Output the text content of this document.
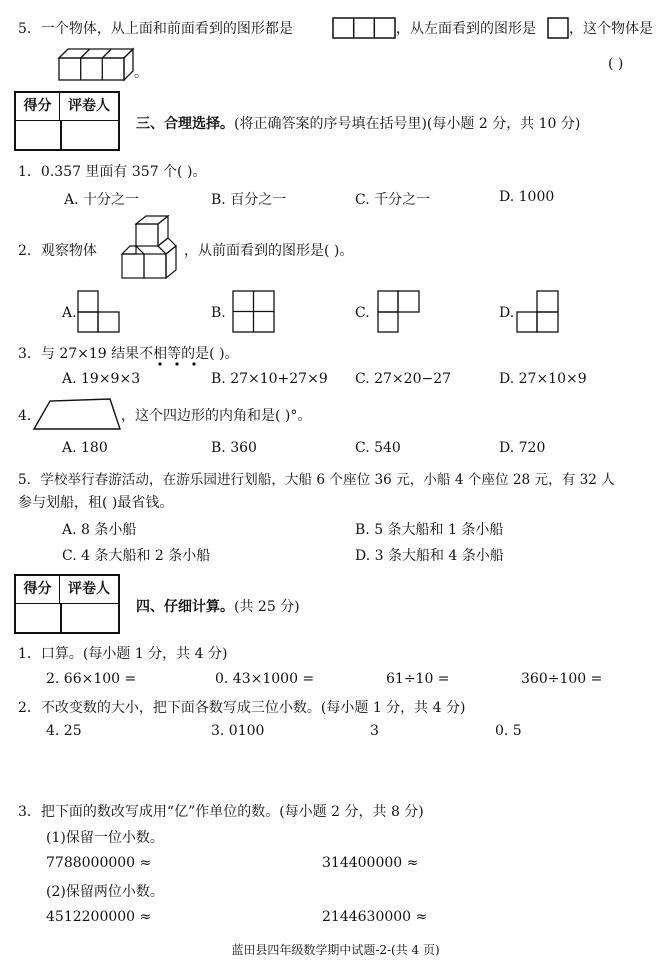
5．一个物体，从上面和前面看到的图形都是	，从左面看到的图形是 ，这个物体是
。
( )
得分	评卷人
三、合理选择。(将正确答案的序号填在括号里)(每小题 2 分，共 10 分)
1．0.357 里面有 357 个( )。
A. 十分之一	B. 百分之一	C. 千分之一	D. 1000
2．观察物体	，从前面看到的图形是( )。
A.	B.	C.	D.
3．与 27×19 结果不相等的是( )。
A. 19×9×3	B. 27×10+27×9 C. 27×20−27	D. 27×10×9
4．	，这个四边形的内角和是( )°。
A. 180	B. 360	C. 540	D. 720
5．学校举行春游活动，在游乐园进行划船，大船 6 个座位 36 元，小船 4 个座位 28 元，有 32 人
参与划船，租( )最省钱。
A. 8 条小船	B. 5 条大船和 1 条小船
C. 4 条大船和 2 条小船	D. 3 条大船和 4 条小船
得分	评卷人
四、仔细计算。(共 25 分)
1．口算。(每小题 1 分，共 4 分)
2. 66×100 =	0. 43×1000 =	61÷10 =	360÷100 =
2．不改变数的大小，把下面各数写成三位小数。(每小题 1 分，共 4 分)
4. 25	3. 0100	3	0. 5
3．把下面的数改写成用“亿”作单位的数。(每小题 2 分，共 8 分)
(1)保留一位小数。
7788000000 ≈	314400000 ≈
(2)保留两位小数。
4512200000 ≈	2144630000 ≈
蓝田县四年级数学期中试题-2-(共 4 页)
